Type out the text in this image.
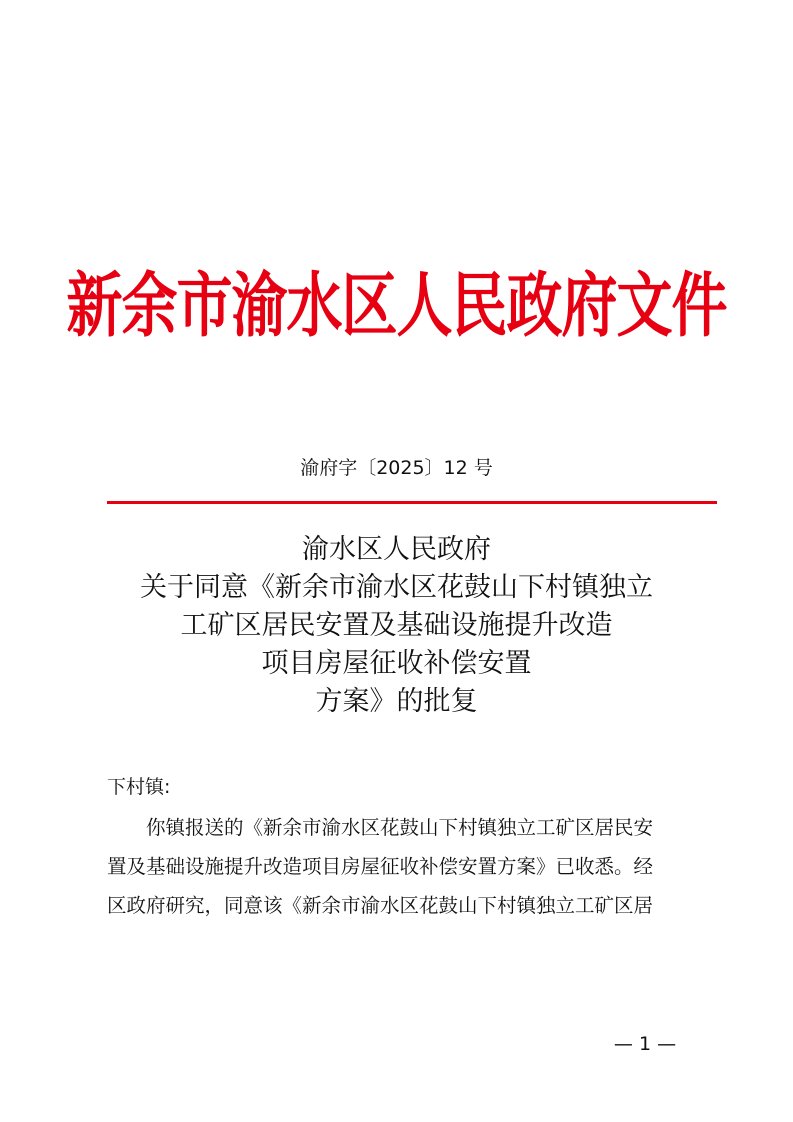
新余市渝水区人民政府文件
渝府字〔2025〕12 号
渝水区人民政府
关于同意《新余市渝水区花鼓山下村镇独立
工矿区居民安置及基础设施提升改造
项目房屋征收补偿安置
方案》的批复
下村镇:
你镇报送的《新余市渝水区花鼓山下村镇独立工矿区居民安
置及基础设施提升改造项目房屋征收补偿安置方案》已收悉。经
区政府研究，同意该《新余市渝水区花鼓山下村镇独立工矿区居
— 1 —
